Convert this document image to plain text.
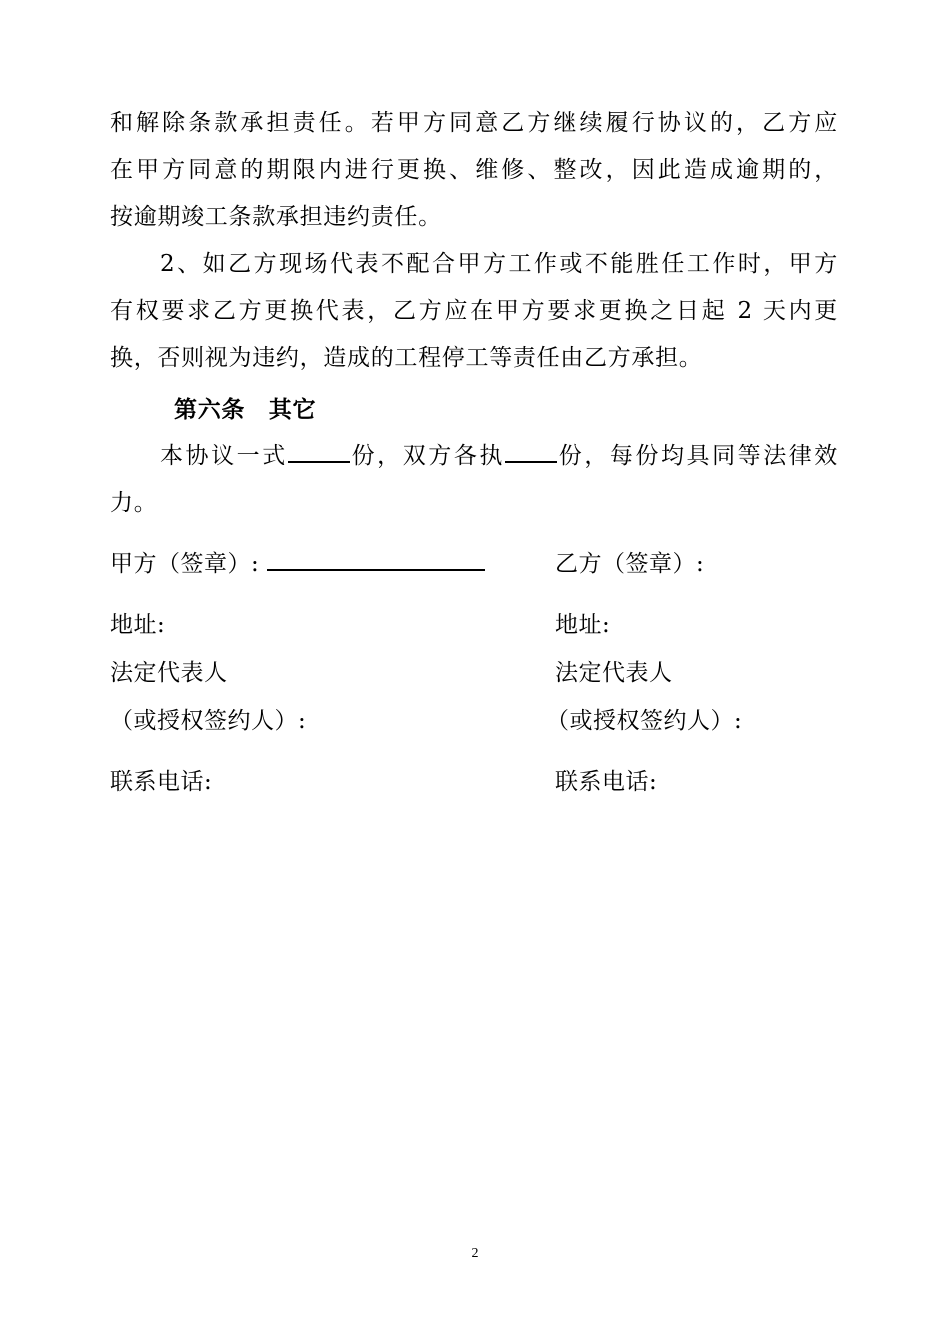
和解除条款承担责任。若甲方同意乙方继续履行协议的，乙方应
在甲方同意的期限内进行更换、维修、整改，因此造成逾期的，
按逾期竣工条款承担违约责任。
2、如乙方现场代表不配合甲方工作或不能胜任工作时，甲方
有权要求乙方更换代表，乙方应在甲方要求更换之日起 2 天内更
换，否则视为违约，造成的工程停工等责任由乙方承担。
第六条　其它
本协议一式	份，双方各执 份，每份均具同等法律效
力。
甲方（签章）:	乙方（签章）:
地址:	地址:
法定代表人	法定代表人
（或授权签约人）:	（或授权签约人）:
联系电话:	联系电话:
2
